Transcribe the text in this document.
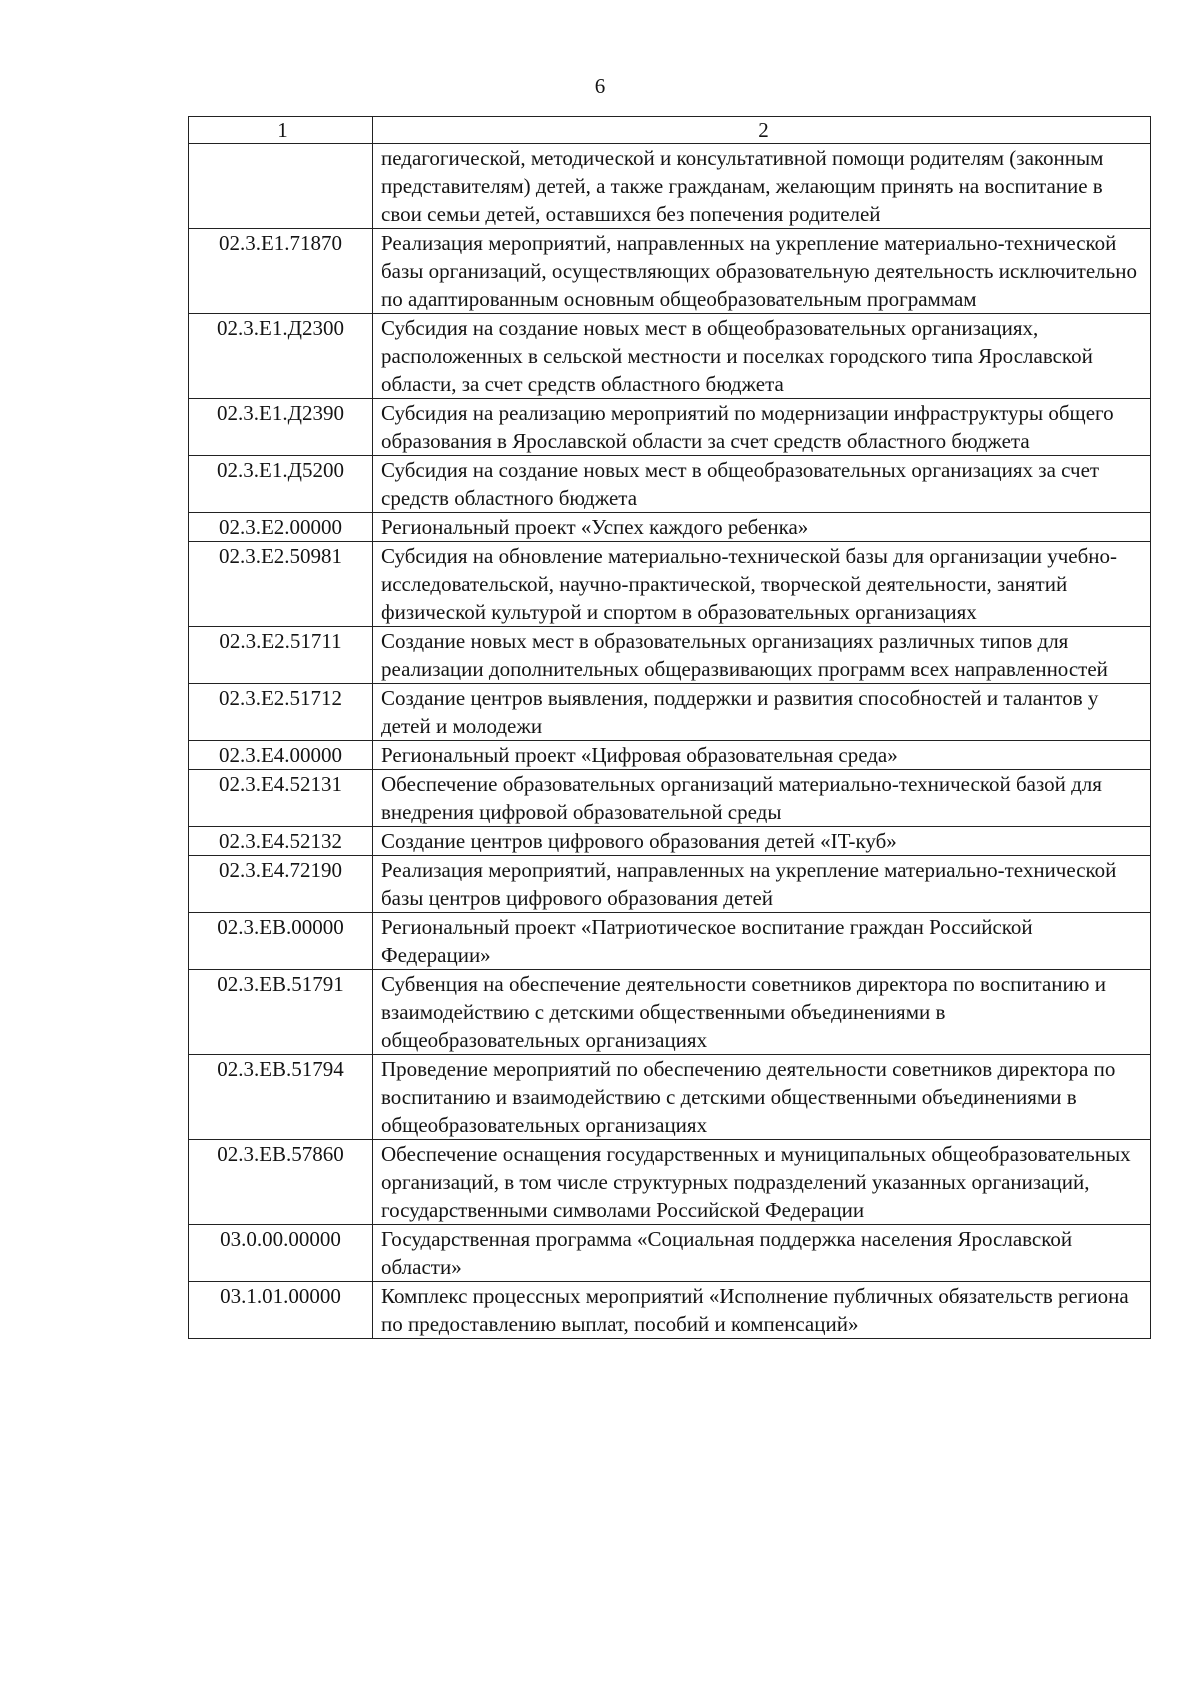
6
1	2
	педагогической, методической и консультативной помощи родителям (законным представителям) детей, а также гражданам, желающим принять на воспитание в свои семьи детей, оставшихся без попечения родителей
02.3.Е1.71870	Реализация мероприятий, направленных на укрепление материально-технической базы организаций, осуществляющих образовательную деятельность исключительно по адаптированным основным общеобразовательным программам
02.3.Е1.Д2300	Субсидия на создание новых мест в общеобразовательных организациях, расположенных в сельской местности и поселках городского типа Ярославской области, за счет средств областного бюджета
02.3.Е1.Д2390	Субсидия на реализацию мероприятий по модернизации инфраструктуры общего образования в Ярославской области за счет средств областного бюджета
02.3.Е1.Д5200	Субсидия на создание новых мест в общеобразовательных организациях за счет средств областного бюджета
02.3.Е2.00000	Региональный проект «Успех каждого ребенка»
02.3.Е2.50981	Субсидия на обновление материально-технической базы для организации учебно-исследовательской, научно-практической, творческой деятельности, занятий физической культурой и спортом в образовательных организациях
02.3.Е2.51711	Создание новых мест в образовательных организациях различных типов для реализации дополнительных общеразвивающих программ всех направленностей
02.3.Е2.51712	Создание центров выявления, поддержки и развития способностей и талантов у детей и молодежи
02.3.Е4.00000	Региональный проект «Цифровая образовательная среда»
02.3.Е4.52131	Обеспечение образовательных организаций материально-технической базой для внедрения цифровой образовательной среды
02.3.Е4.52132	Создание центров цифрового образования детей «IT-куб»
02.3.Е4.72190	Реализация мероприятий, направленных на укрепление материально-технической базы центров цифрового образования детей
02.3.ЕВ.00000	Региональный проект «Патриотическое воспитание граждан Российской Федерации»
02.3.ЕВ.51791	Субвенция на обеспечение деятельности советников директора по воспитанию и взаимодействию с детскими общественными объединениями в общеобразовательных организациях
02.3.ЕВ.51794	Проведение мероприятий по обеспечению деятельности советников директора по воспитанию и взаимодействию с детскими общественными объединениями в общеобразовательных организациях
02.3.ЕВ.57860	Обеспечение оснащения государственных и муниципальных общеобразовательных организаций, в том числе структурных подразделений указанных организаций, государственными символами Российской Федерации
03.0.00.00000	Государственная программа «Социальная поддержка населения Ярославской области»
03.1.01.00000	Комплекс процессных мероприятий «Исполнение публичных обязательств региона по предоставлению выплат, пособий и компенсаций»
